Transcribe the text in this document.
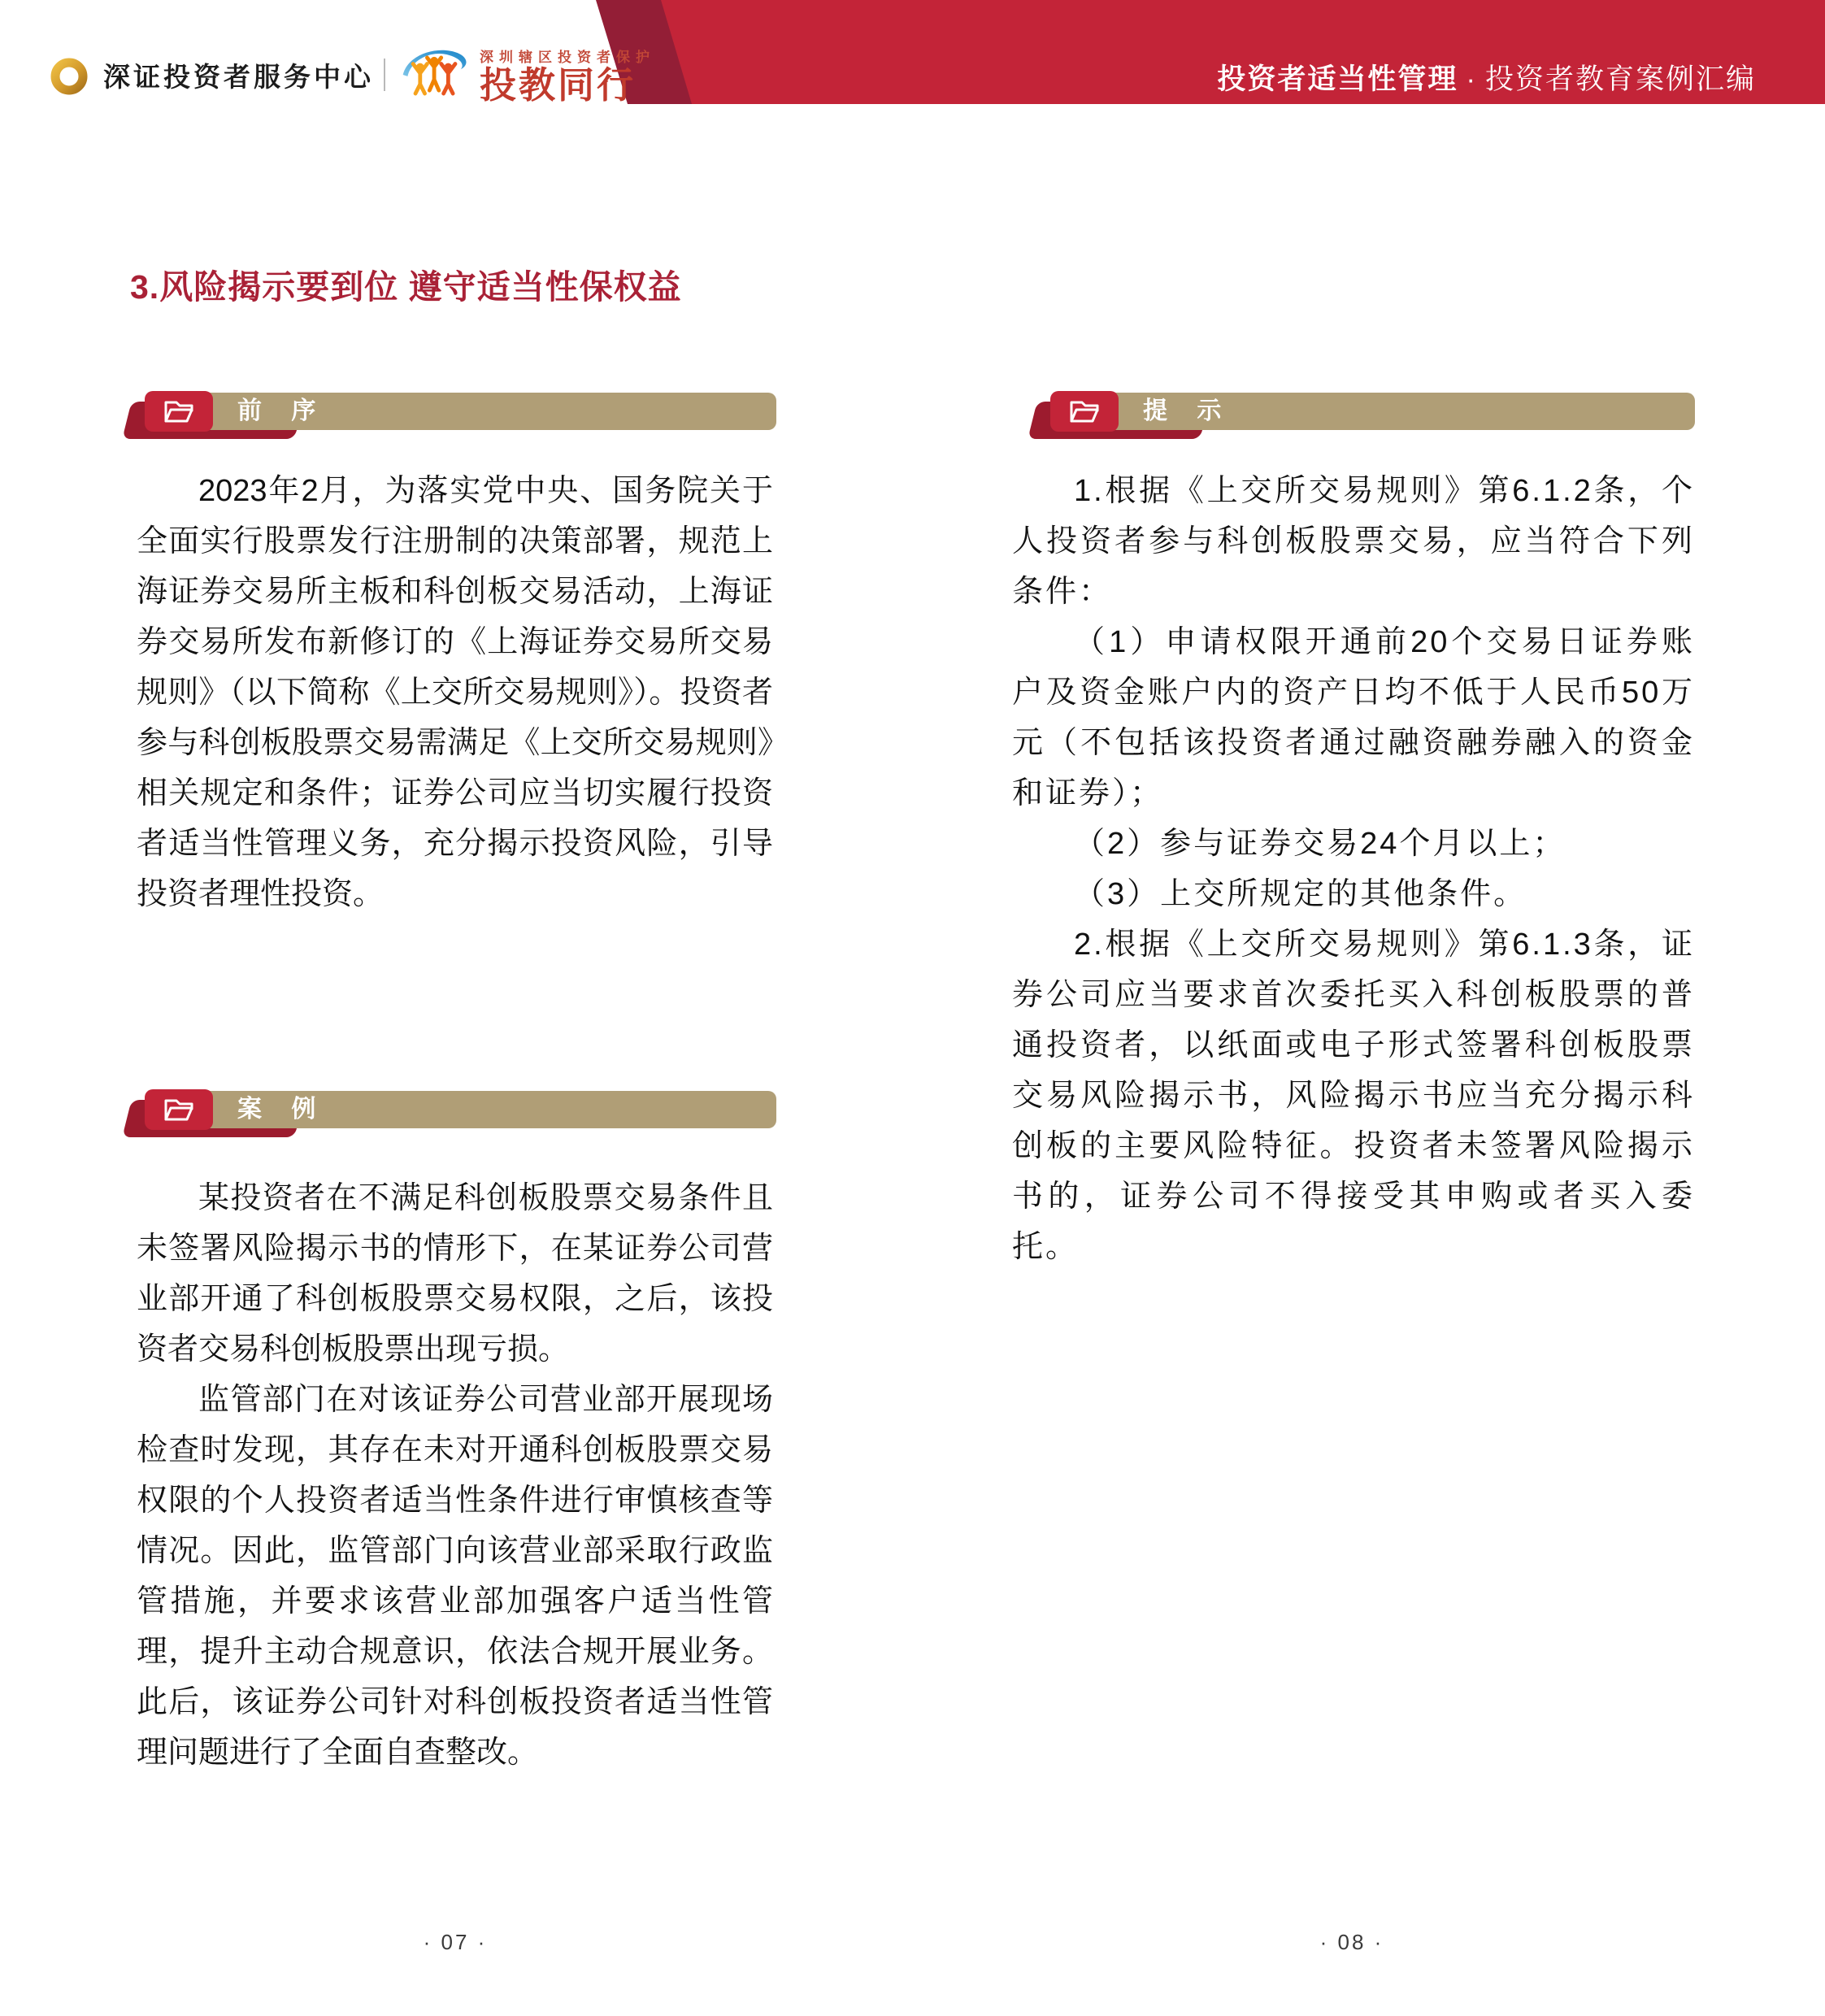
投资者适当性管理 · 投资者教育案例汇编
深证投资者服务中心
深圳辖区投资者保护
投教同行
3.风险揭示要到位 遵守适当性保权益
前 序

2023年2月，为落实党中央、国务院关于全面实行股票发行注册制的决策部署，规范上海证券交易所主板和科创板交易活动，上海证券交易所发布新修订的《上海证券交易所交易规则》（以下简称《上交所交易规则》）。投资者参与科创板股票交易需满足《上交所交易规则》相关规定和条件；证券公司应当切实履行投资者适当性管理义务，充分揭示投资风险，引导投资者理性投资。

案 例

某投资者在不满足科创板股票交易条件且未签署风险揭示书的情形下，在某证券公司营业部开通了科创板股票交易权限，之后，该投资者交易科创板股票出现亏损。

监管部门在对该证券公司营业部开展现场检查时发现，其存在未对开通科创板股票交易权限的个人投资者适当性条件进行审慎核查等情况。因此，监管部门向该营业部采取行政监管措施，并要求该营业部加强客户适当性管理，提升主动合规意识，依法合规开展业务。此后，该证券公司针对科创板投资者适当性管理问题进行了全面自查整改。

提 示

1.根据《上交所交易规则》第6.1.2条，个人投资者参与科创板股票交易，应当符合下列条件：

（1）申请权限开通前20个交易日证券账户及资金账户内的资产日均不低于人民币50万元（不包括该投资者通过融资融券融入的资金和证券）；

（2）参与证券交易24个月以上；

（3）上交所规定的其他条件。

2.根据《上交所交易规则》第6.1.3条，证券公司应当要求首次委托买入科创板股票的普通投资者，以纸面或电子形式签署科创板股票交易风险揭示书，风险揭示书应当充分揭示科创板的主要风险特征。投资者未签署风险揭示书的，证券公司不得接受其申购或者买入委托。

· 07 ·	· 08 ·
